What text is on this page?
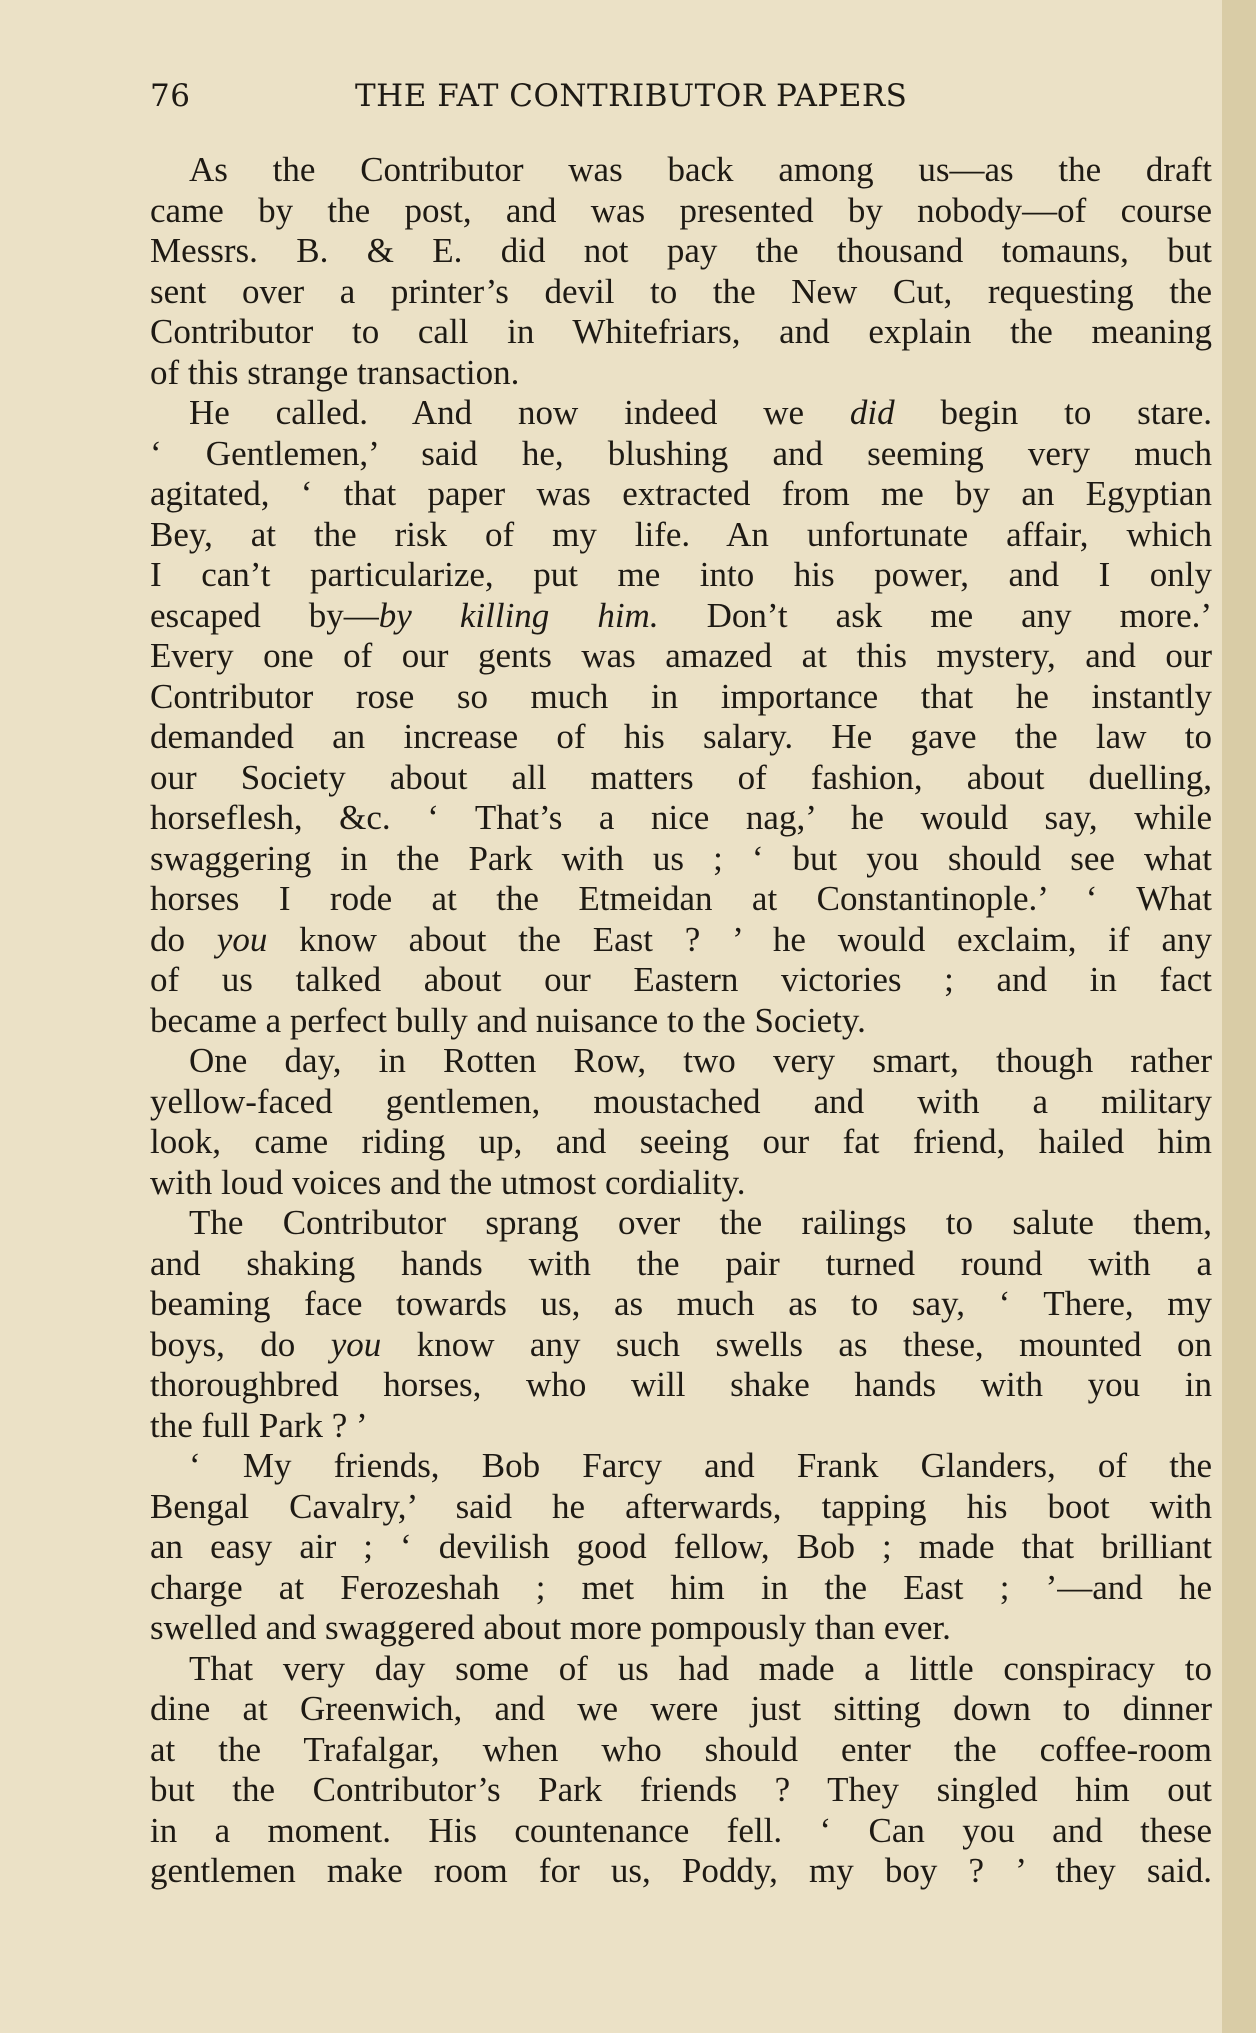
76	THE FAT CONTRIBUTOR PAPERS
As the Contributor was back among us—as the draft
came by the post, and was presented by nobody—of course
Messrs. B. & E. did not pay the thousand tomauns, but
sent over a printer’s devil to the New Cut, requesting the
Contributor to call in Whitefriars, and explain the meaning
of this strange transaction.
He called. And now indeed we did begin to stare.
‘ Gentlemen,’ said he, blushing and seeming very much
agitated, ‘ that paper was extracted from me by an Egyptian
Bey, at the risk of my life. An unfortunate affair, which
I can’t particularize, put me into his power, and I only
escaped by—by killing him. Don’t ask me any more.’
Every one of our gents was amazed at this mystery, and our
Contributor rose so much in importance that he instantly
demanded an increase of his salary. He gave the law to
our Society about all matters of fashion, about duelling,
horseflesh, &c. ‘ That’s a nice nag,’ he would say, while
swaggering in the Park with us ; ‘ but you should see what
horses I rode at the Etmeidan at Constantinople.’ ‘ What
do you know about the East ? ’ he would exclaim, if any
of us talked about our Eastern victories ; and in fact
became a perfect bully and nuisance to the Society.
One day, in Rotten Row, two very smart, though rather
yellow-faced gentlemen, moustached and with a military
look, came riding up, and seeing our fat friend, hailed him
with loud voices and the utmost cordiality.
The Contributor sprang over the railings to salute them,
and shaking hands with the pair turned round with a
beaming face towards us, as much as to say, ‘ There, my
boys, do you know any such swells as these, mounted on
thoroughbred horses, who will shake hands with you in
the full Park ? ’
‘ My friends, Bob Farcy and Frank Glanders, of the
Bengal Cavalry,’ said he afterwards, tapping his boot with
an easy air ; ‘ devilish good fellow, Bob ; made that brilliant
charge at Ferozeshah ; met him in the East ; ’—and he
swelled and swaggered about more pompously than ever.
That very day some of us had made a little conspiracy to
dine at Greenwich, and we were just sitting down to dinner
at the Trafalgar, when who should enter the coffee-room
but the Contributor’s Park friends ? They singled him out
in a moment. His countenance fell. ‘ Can you and these
gentlemen make room for us, Poddy, my boy ? ’ they said.
